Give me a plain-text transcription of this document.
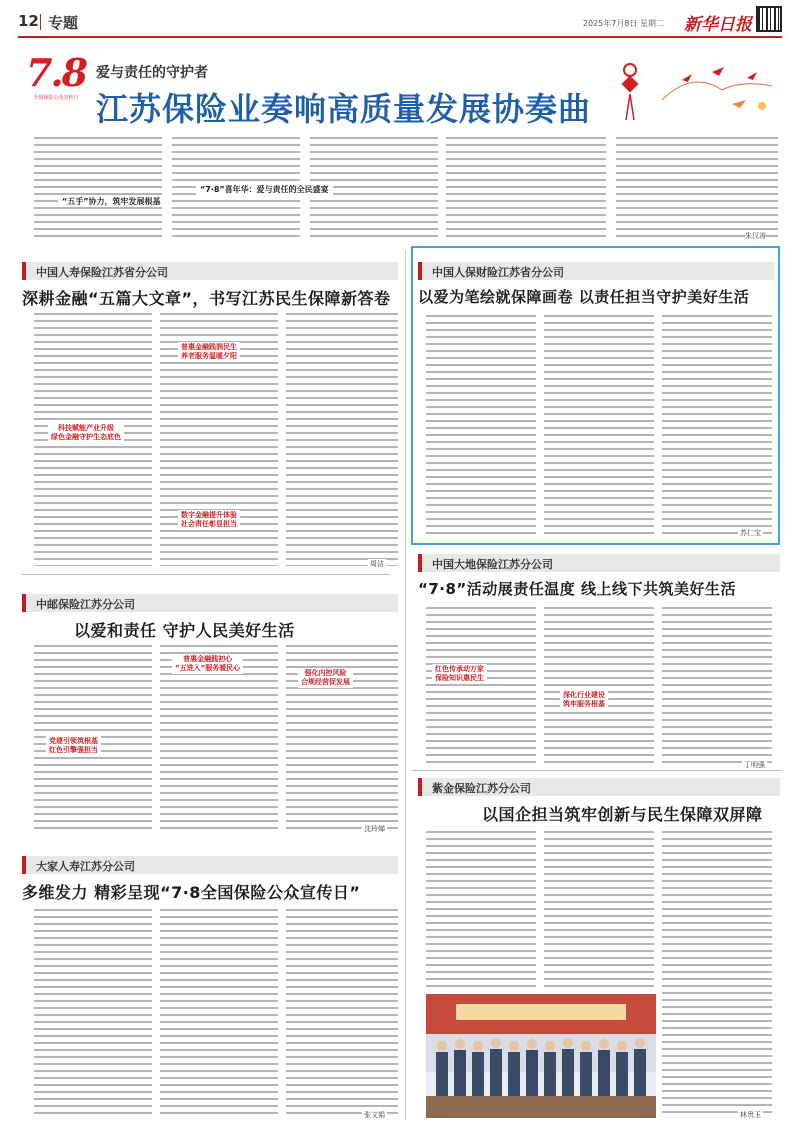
12 专题	2025年7月8日 星期二 新华日报
7.8
全国保险公众宣传日
爱与责任的守护者
江苏保险业奏响高质量发展协奏曲
“五手”协力，筑牢发展根基
“7·8”喜年华：爱与责任的全民盛宴
朱汉涛
中国人寿保险江苏省分公司
深耕金融“五篇大文章”，书写江苏民生保障新答卷
科技赋能产业升级
绿色金融守护生态底色
普惠金融践润民生
养老服务温暖夕阳
数字金融提升体验
社会责任彰显担当
周洁
中国人保财险江苏省分公司
以爱为笔绘就保障画卷 以责任担当守护美好生活
苏仁宝
中国大地保险江苏分公司
“7·8”活动展责任温度 线上线下共筑美好生活
红色传承动万家
保险知识惠民生
深化行业建设
筑牢服务根基
丁明强
中邮保险江苏分公司
以爱和责任 守护人民美好生活
党建引领筑根基
红色引擎强担当
普惠金融践初心
“五进入”服务暖民心
强化内控风险
合规经营促发展
沈玲娣
紫金保险江苏分公司
以国企担当筑牢创新与民生保障双屏障
林贵玉
大家人寿江苏分公司
多维发力 精彩呈现“7·8全国保险公众宣传日”
张文娟
